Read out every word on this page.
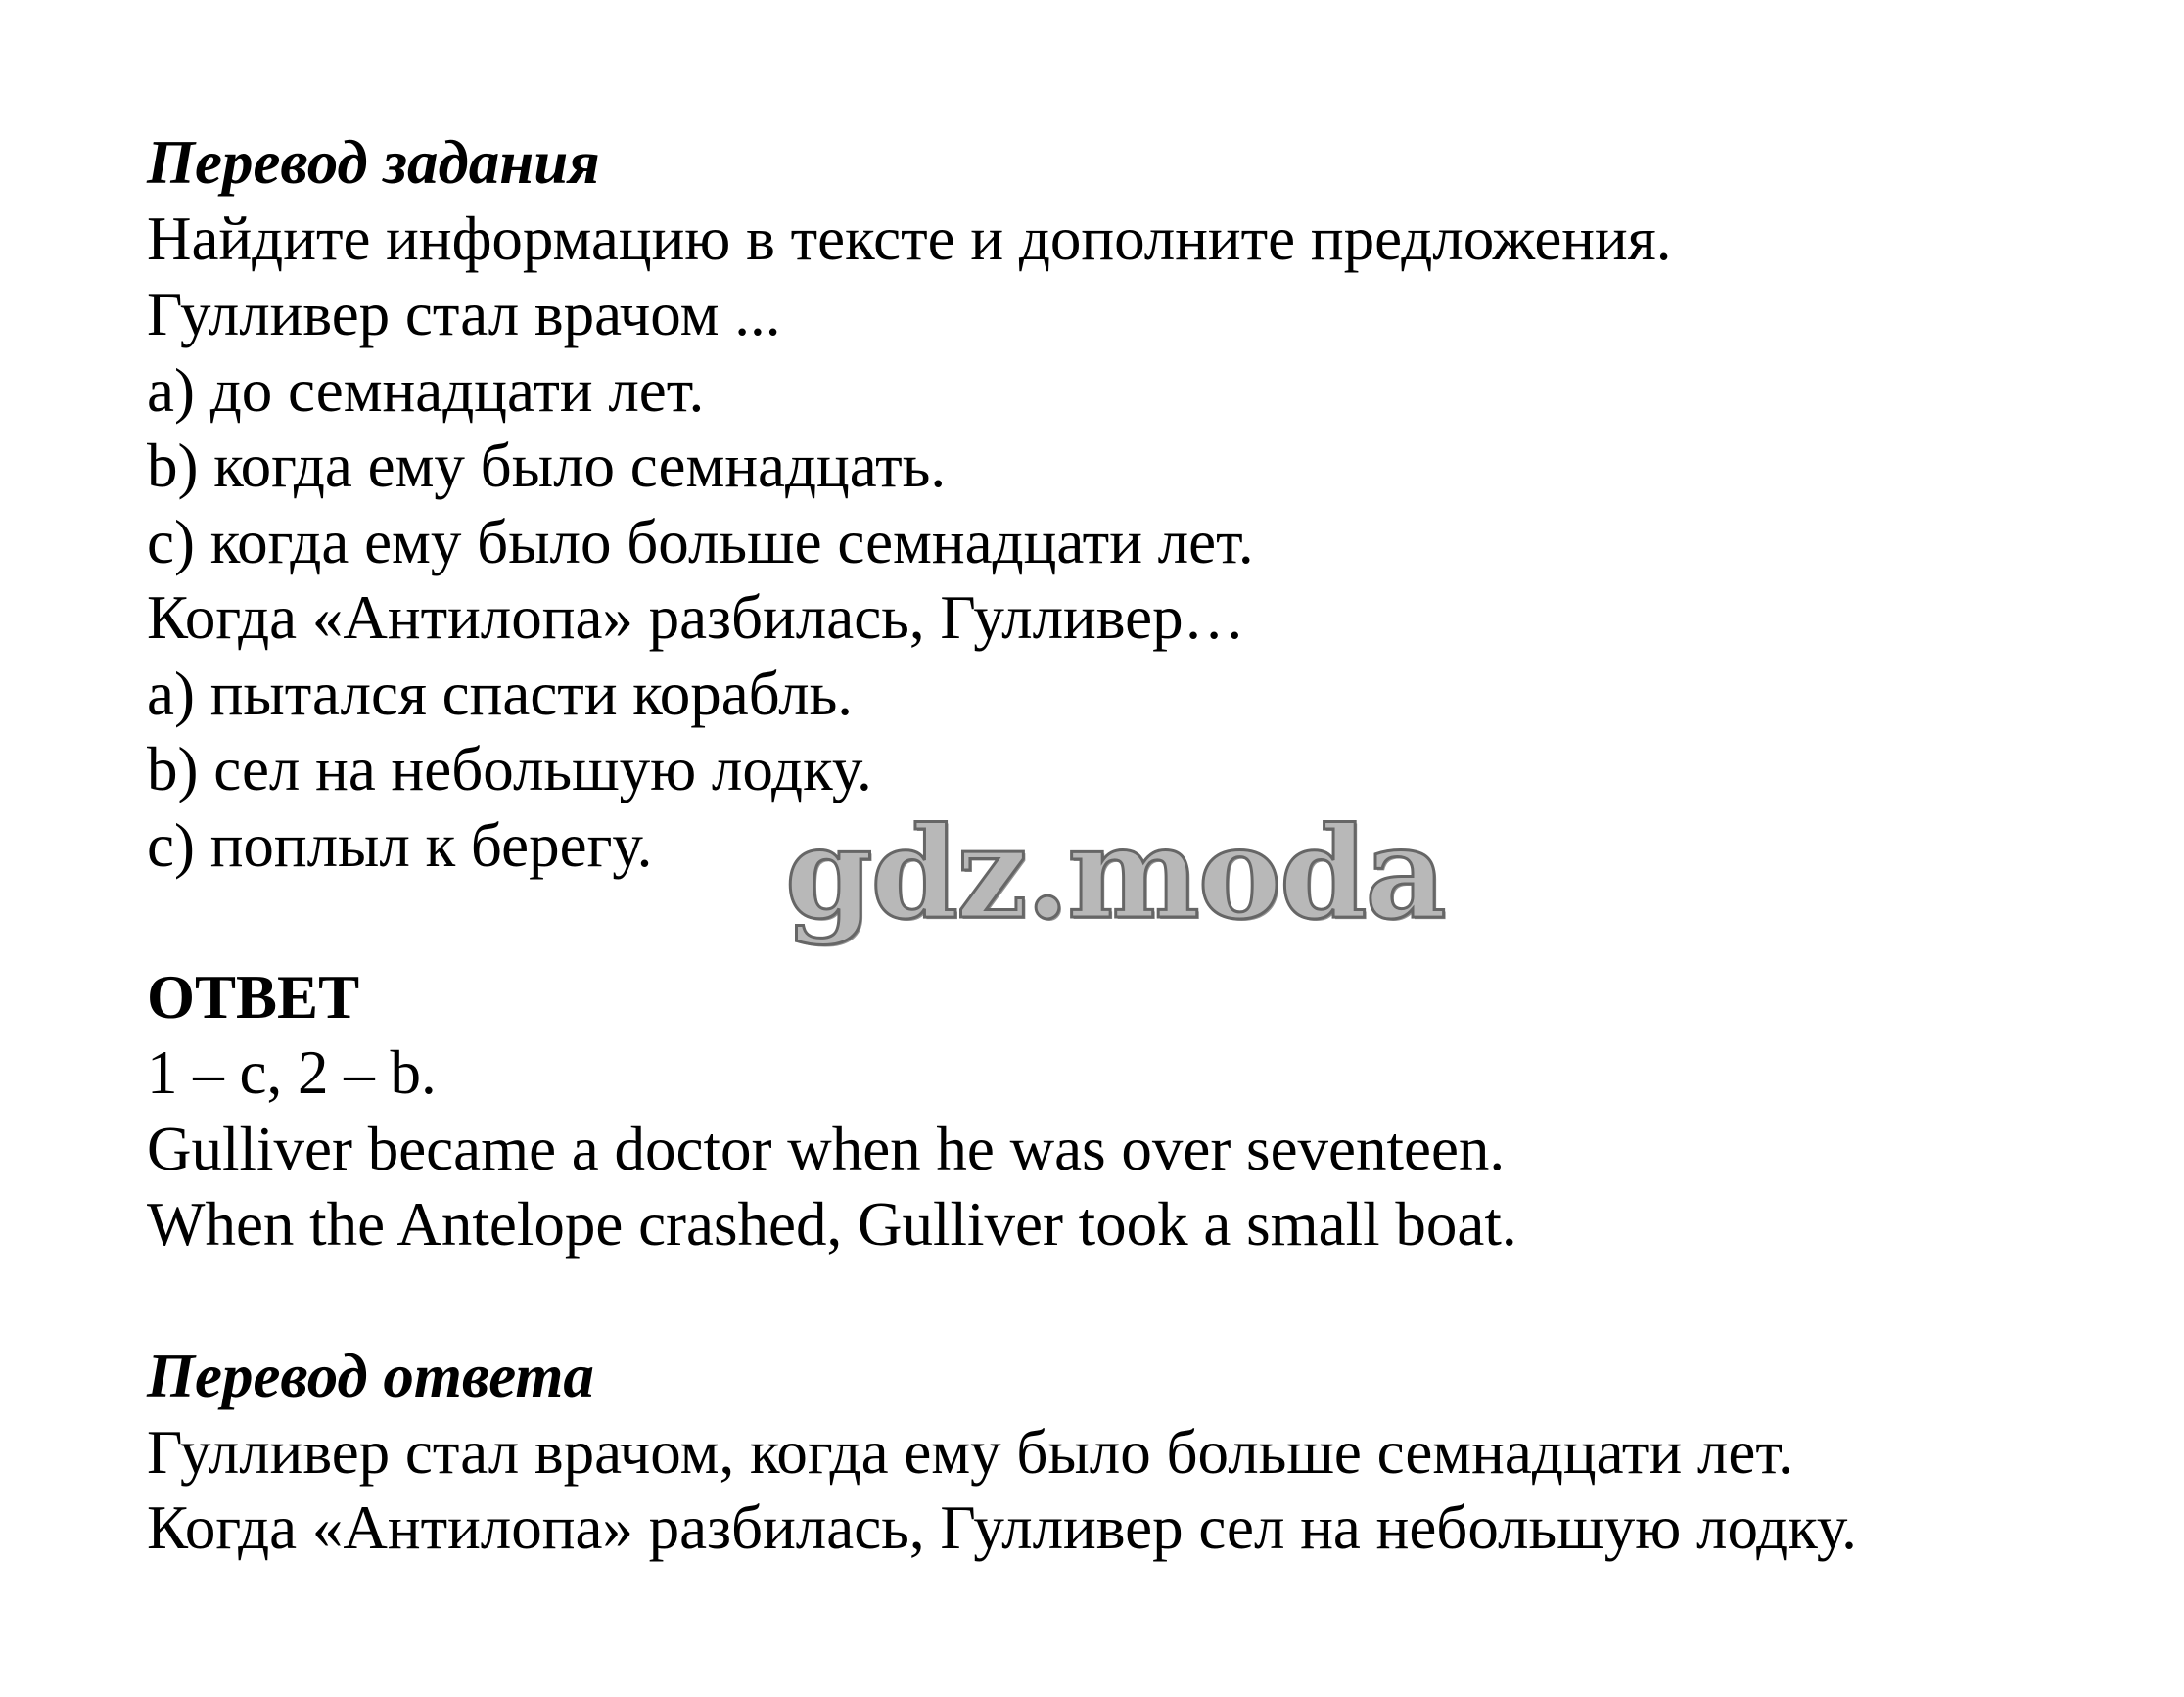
Перевод задания
Найдите информацию в тексте и дополните предложения.
Гулливер стал врачом ...
a) до семнадцати лет.
b) когда ему было семнадцать.
c) когда ему было больше семнадцати лет.
Когда «Антилопа» разбилась, Гулливер…
a) пытался спасти корабль.
b) сел на небольшую лодку.
c) поплыл к берегу.
ОТВЕТ
1 – c, 2 – b.
Gulliver became a doctor when he was over seventeen.
When the Antelope crashed, Gulliver took a small boat.
Перевод ответа
Гулливер стал врачом, когда ему было больше семнадцати лет.
Когда «Антилопа» разбилась, Гулливер сел на небольшую лодку.
gdz.moda
